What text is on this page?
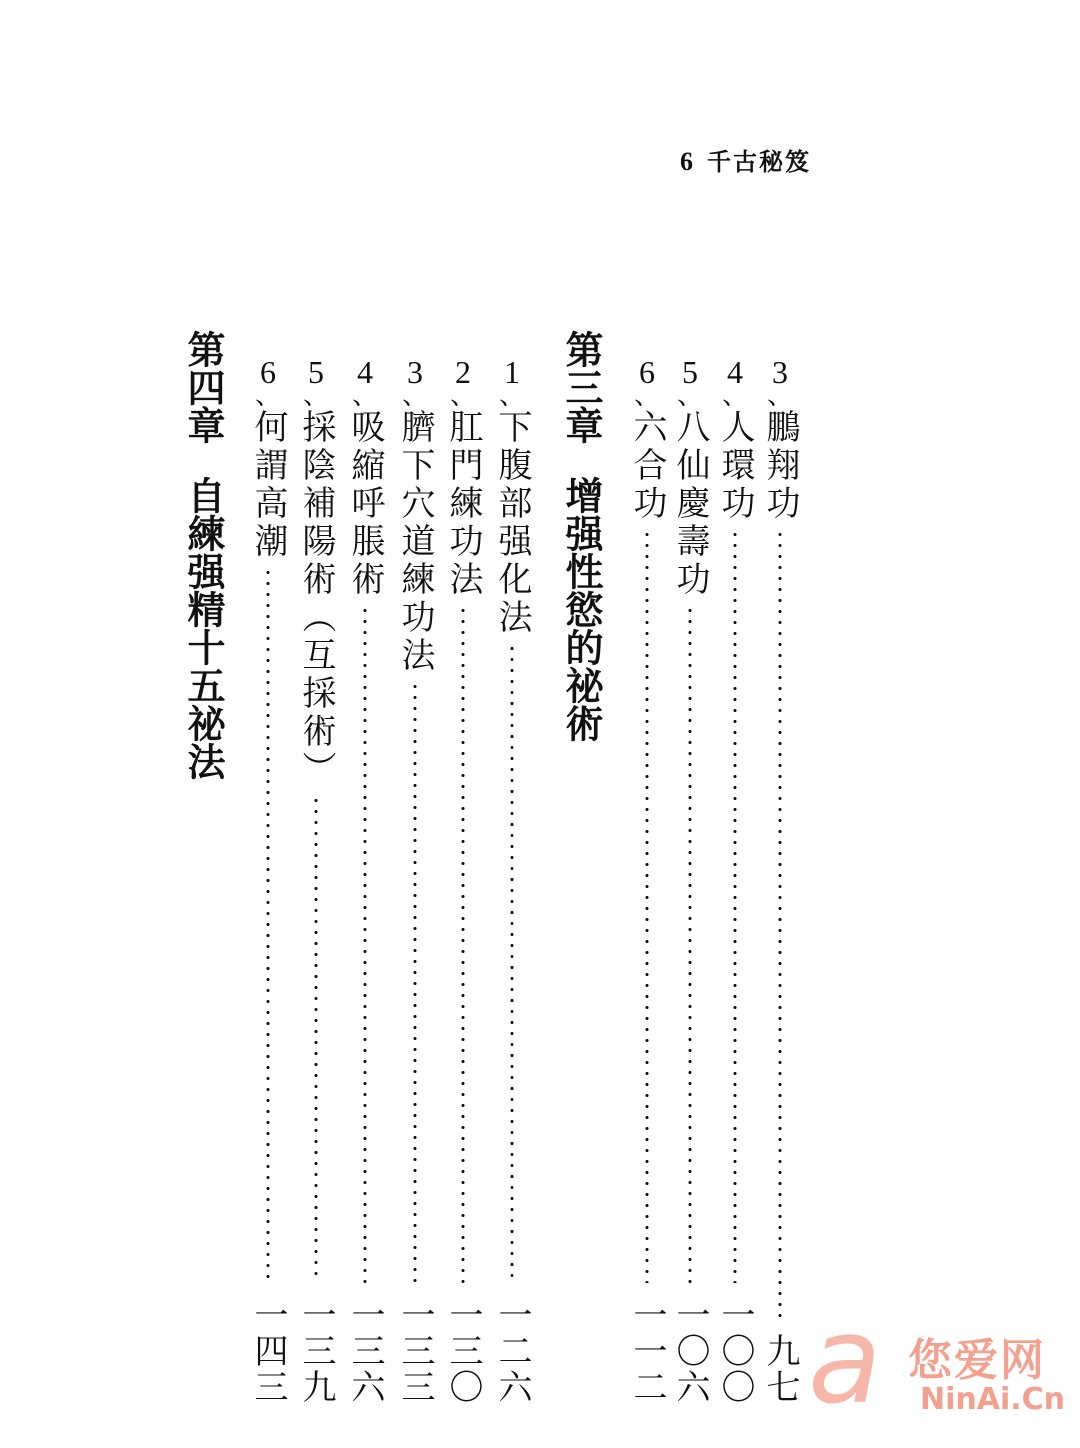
6 千古秘笈
3
、
鵬翔功
九七
4
、
人環功
一〇〇
5
、
八仙慶壽功
一〇六
6
、
六合功
一一二
第三章增强性慾的祕術
1
、
下腹部强化法
一二六
2
、
肛門練功法
一三〇
3
、
臍下穴道練功法
一三三
4
、
吸縮呼脹術
一三六
5
、
採陰補陽術（互採術）
一三九
6
、
何謂高潮
一四三
第四章自練强精十五祕法
a 您爱网
NinAi.Cn
